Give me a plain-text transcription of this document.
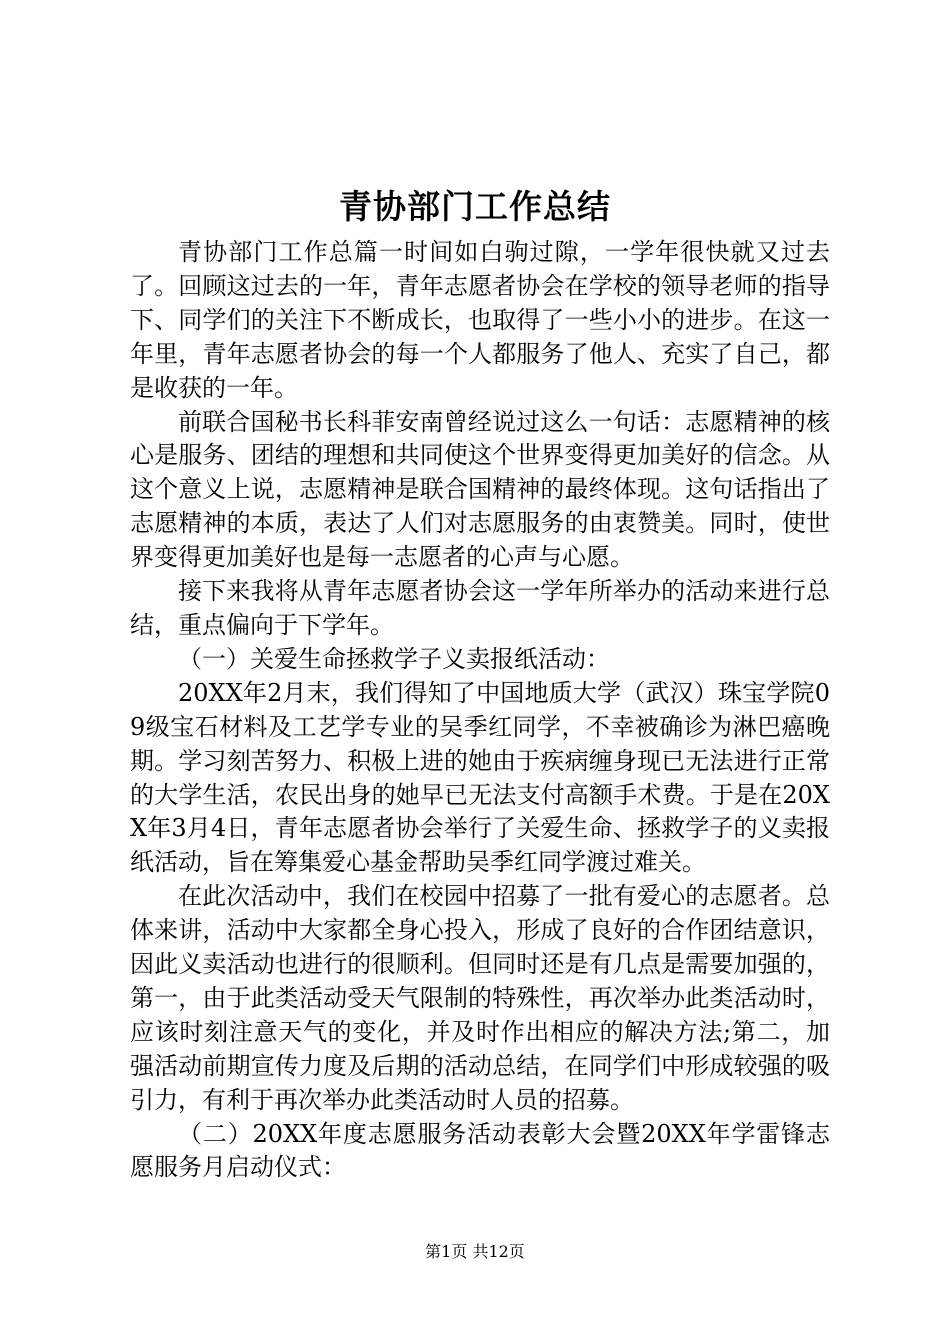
青协部门工作总结

青协部门工作总篇一时间如白驹过隙，一学年很快就又过去了。回顾这过去的一年，青年志愿者协会在学校的领导老师的指导下、同学们的关注下不断成长，也取得了一些小小的进步。在这一年里，青年志愿者协会的每一个人都服务了他人、充实了自己，都是收获的一年。

前联合国秘书长科菲安南曾经说过这么一句话：志愿精神的核心是服务、团结的理想和共同使这个世界变得更加美好的信念。从这个意义上说，志愿精神是联合国精神的最终体现。这句话指出了志愿精神的本质，表达了人们对志愿服务的由衷赞美。同时，使世界变得更加美好也是每一志愿者的心声与心愿。

接下来我将从青年志愿者协会这一学年所举办的活动来进行总结，重点偏向于下学年。

（一）关爱生命拯救学子义卖报纸活动：

20XX年2月末，我们得知了中国地质大学（武汉）珠宝学院09级宝石材料及工艺学专业的吴季红同学，不幸被确诊为淋巴癌晚期。学习刻苦努力、积极上进的她由于疾病缠身现已无法进行正常的大学生活，农民出身的她早已无法支付高额手术费。于是在20XX年3月4日，青年志愿者协会举行了关爱生命、拯救学子的义卖报纸活动，旨在筹集爱心基金帮助吴季红同学渡过难关。

在此次活动中，我们在校园中招募了一批有爱心的志愿者。总体来讲，活动中大家都全身心投入，形成了良好的合作团结意识，因此义卖活动也进行的很顺利。但同时还是有几点是需要加强的，第一，由于此类活动受天气限制的特殊性，再次举办此类活动时，应该时刻注意天气的变化，并及时作出相应的解决方法;第二，加强活动前期宣传力度及后期的活动总结，在同学们中形成较强的吸引力，有利于再次举办此类活动时人员的招募。

（二）20XX年度志愿服务活动表彰大会暨20XX年学雷锋志愿服务月启动仪式：

第1页 共12页
